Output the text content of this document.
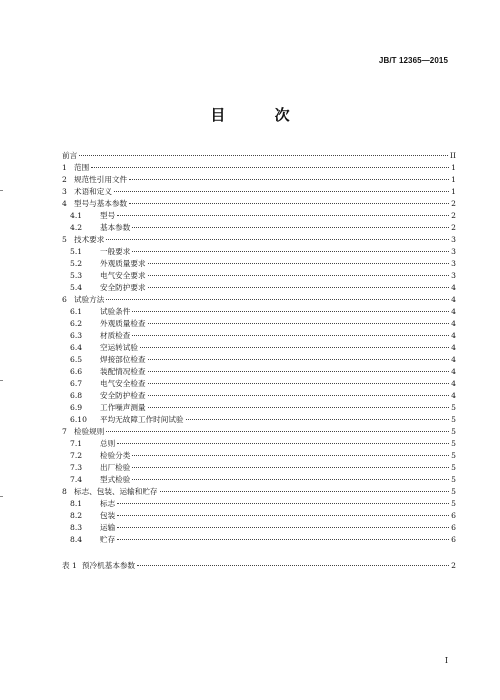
JB/T 12365—2015
目 次
前言	II
1 范围	1
2 规范性引用文件	1
3 术语和定义	1
4 型号与基本参数	2
4.1	型号	2
4.2	基本参数	2
5 技术要求	3
5.1	一般要求	3
5.2	外观质量要求	3
5.3	电气安全要求	3
5.4	安全防护要求	4
6 试验方法	4
6.1	试验条件	4
6.2	外观质量检查	4
6.3	材质检查	4
6.4	空运转试验	4
6.5	焊接部位检查	4
6.6	装配情况检查	4
6.7	电气安全检查	4
6.8	安全防护检查	4
6.9	工作噪声测量	5
6.10	平均无故障工作时间试验	5
7 检验规则	5
7.1	总则	5
7.2	检验分类	5
7.3	出厂检验	5
7.4	型式检验	5
8 标志、包装、运输和贮存	5
8.1	标志	5
8.2	包装	6
8.3	运输	6
8.4	贮存	6
表 1 预冷机基本参数	2
I
